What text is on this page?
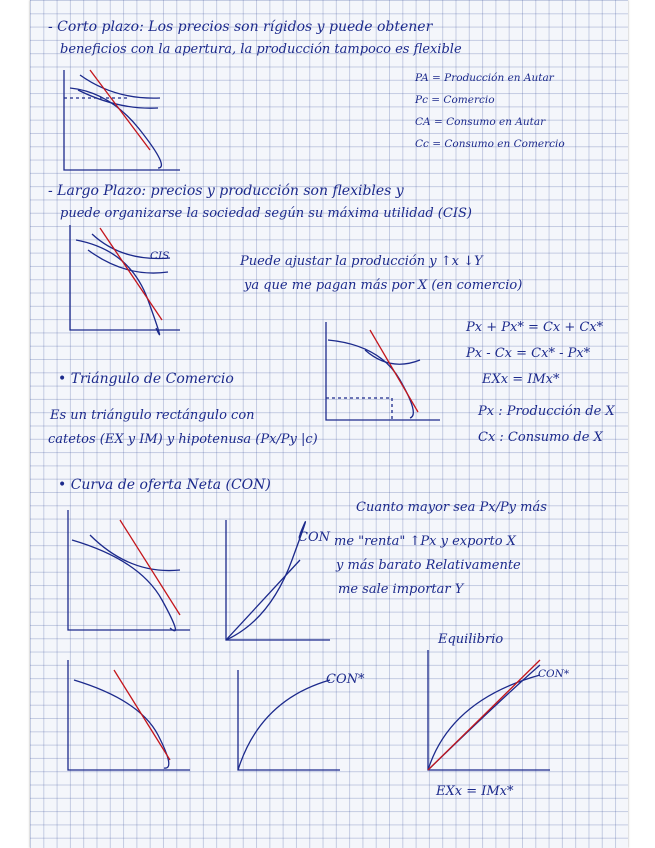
- Corto plazo: Los precios son rígidos y puede obtener
beneficios con la apertura, la producción tampoco es flexible
PA = Producción en Autar
Pc = Comercio
CA = Consumo en Autar
Cc = Consumo en Comercio
- Largo Plazo: precios y producción son flexibles y
puede organizarse la sociedad según su máxima utilidad (CIS)
Puede ajustar la producción y ↑x ↓Y
ya que me pagan más por X (en comercio)
Px + Px* = Cx + Cx*
Px - Cx = Cx* - Px*
EXx = IMx*
• Triángulo de Comercio
Es un triángulo rectángulo con
catetos (EX y IM) y hipotenusa (Px/Py |c)
Px : Producción de X
Cx : Consumo de X
• Curva de oferta Neta (CON)
Cuanto mayor sea Px/Py más
me "renta" ↑Px y exporto X
y más barato Relativamente
me sale importar Y
CON
CON*
Equilibrio
CON*
CIS
EXx = IMx*
